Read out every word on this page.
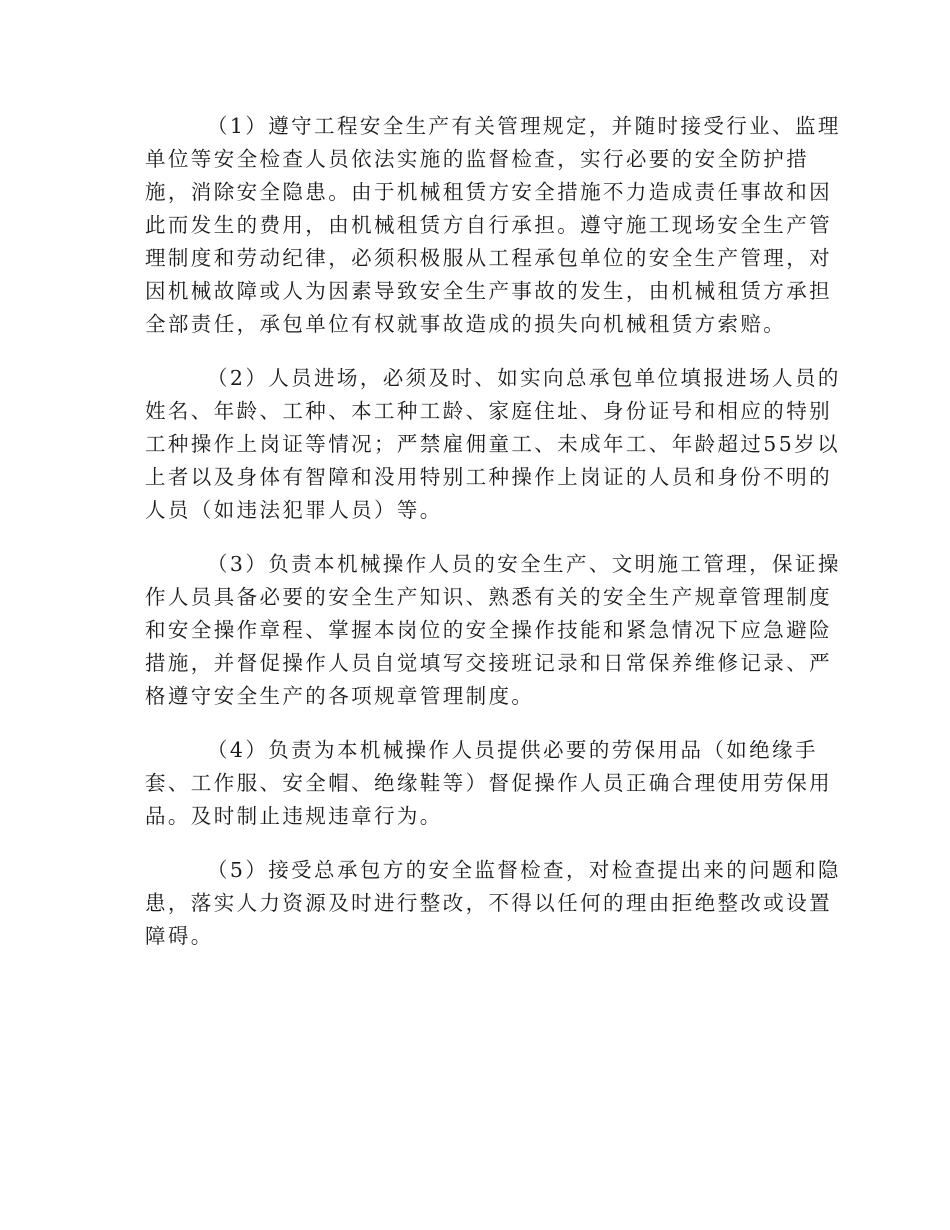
（1）遵守工程安全生产有关管理规定，并随时接受行业、监理
单位等安全检查人员依法实施的监督检查，实行必要的安全防护措
施，消除安全隐患。由于机械租赁方安全措施不力造成责任事故和因
此而发生的费用，由机械租赁方自行承担。遵守施工现场安全生产管
理制度和劳动纪律，必须积极服从工程承包单位的安全生产管理，对
因机械故障或人为因素导致安全生产事故的发生，由机械租赁方承担
全部责任，承包单位有权就事故造成的损失向机械租赁方索赔。

（2）人员进场，必须及时、如实向总承包单位填报进场人员的
姓名、年龄、工种、本工种工龄、家庭住址、身份证号和相应的特别
工种操作上岗证等情况；严禁雇佣童工、未成年工、年龄超过55岁以
上者以及身体有智障和没用特别工种操作上岗证的人员和身份不明的
人员（如违法犯罪人员）等。

（3）负责本机械操作人员的安全生产、文明施工管理，保证操
作人员具备必要的安全生产知识、熟悉有关的安全生产规章管理制度
和安全操作章程、掌握本岗位的安全操作技能和紧急情况下应急避险
措施，并督促操作人员自觉填写交接班记录和日常保养维修记录、严
格遵守安全生产的各项规章管理制度。

（4）负责为本机械操作人员提供必要的劳保用品（如绝缘手
套、工作服、安全帽、绝缘鞋等）督促操作人员正确合理使用劳保用
品。及时制止违规违章行为。

（5）接受总承包方的安全监督检查，对检查提出来的问题和隐
患，落实人力资源及时进行整改，不得以任何的理由拒绝整改或设置
障碍。
